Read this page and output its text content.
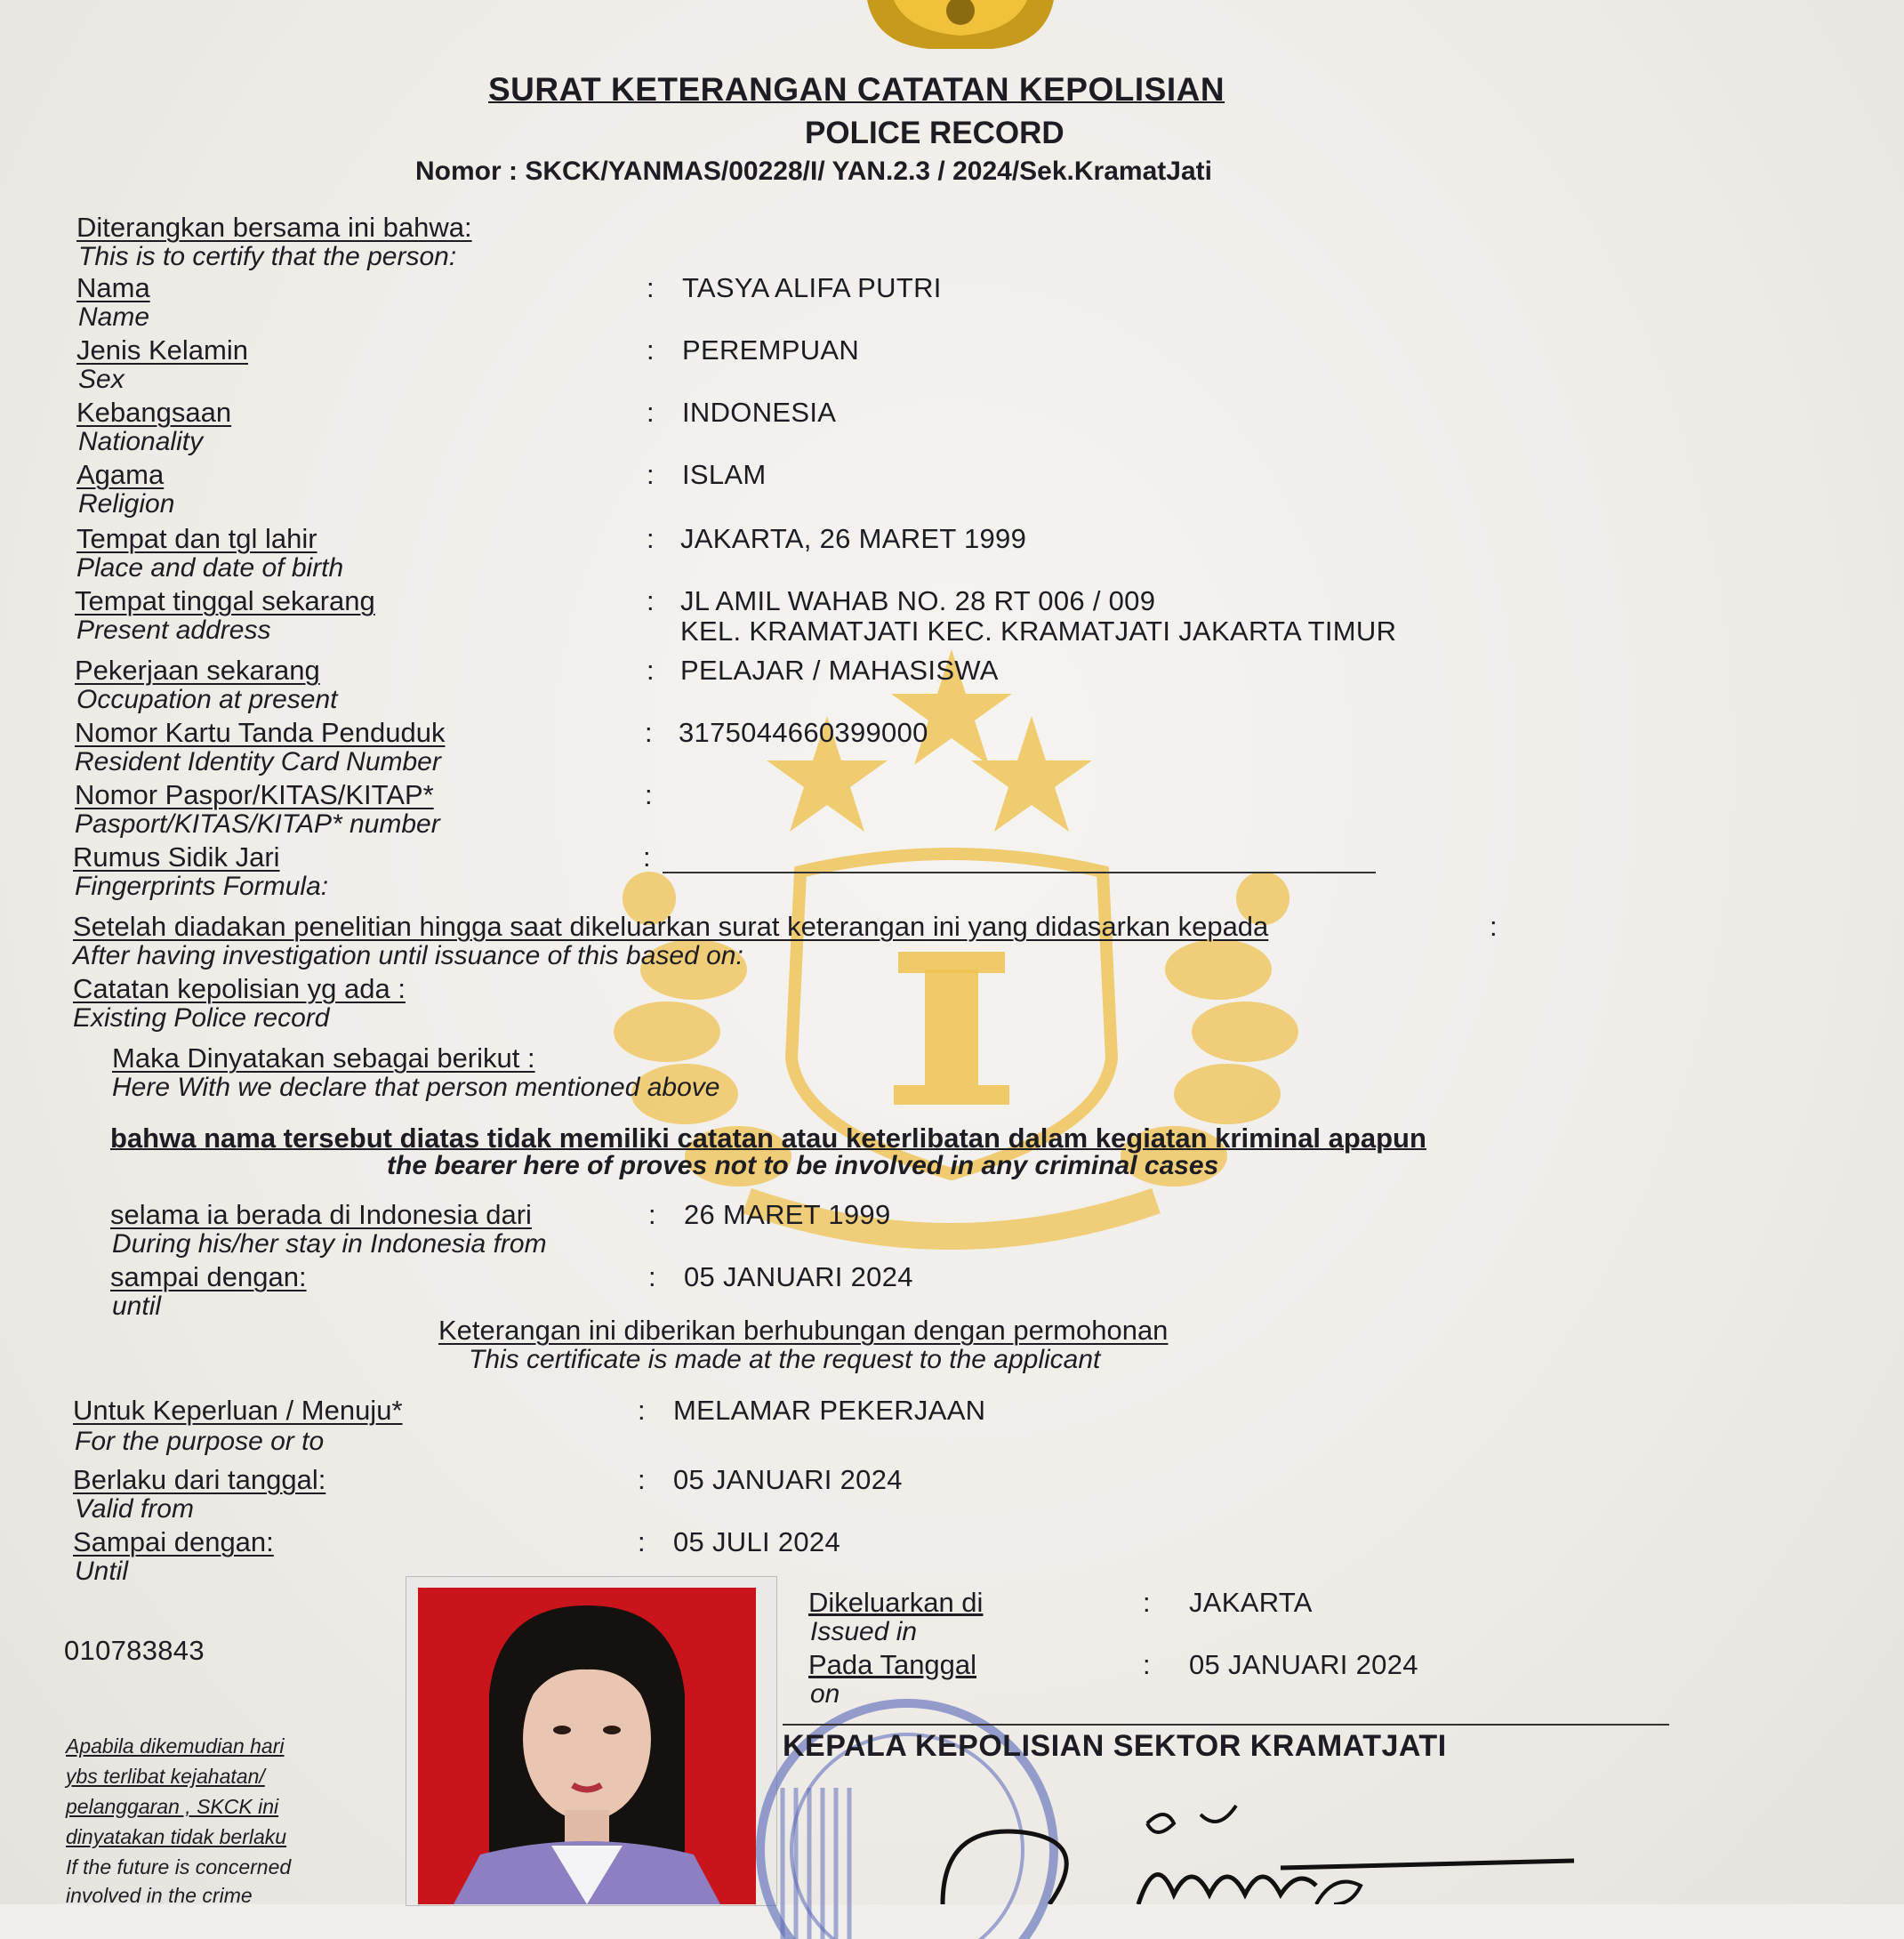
SURAT KETERANGAN CATATAN KEPOLISIAN
POLICE RECORD
Nomor : SKCK/YANMAS/00228/I/ YAN.2.3 / 2024/Sek.KramatJati
Diterangkan bersama ini bahwa:
This is to certify that the person:
Nama
Name
: TASYA ALIFA PUTRI
Jenis Kelamin
Sex
: PEREMPUAN
Kebangsaan
Nationality
: INDONESIA
Agama
Religion
: ISLAM
Tempat dan tgl lahir
Place and date of birth
: JAKARTA, 26 MARET 1999
Tempat tinggal sekarang
Present address
: JL AMIL WAHAB NO. 28 RT 006 / 009
KEL. KRAMATJATI KEC. KRAMATJATI JAKARTA TIMUR
Pekerjaan sekarang
Occupation at present
: PELAJAR / MAHASISWA
Nomor Kartu Tanda Penduduk
Resident Identity Card Number
: 3175044660399000
Nomor Paspor/KITAS/KITAP*
Pasport/KITAS/KITAP* number
:
Rumus Sidik Jari
Fingerprints Formula:
:
Setelah diadakan penelitian hingga saat dikeluarkan surat keterangan ini yang didasarkan kepada	:
After having investigation until issuance of this based on:
Catatan kepolisian yg ada :
Existing Police record
Maka Dinyatakan sebagai berikut :
Here With we declare that person mentioned above
bahwa nama tersebut diatas tidak memiliki catatan atau keterlibatan dalam kegiatan kriminal apapun
the bearer here of proves not to be involved in any criminal cases
selama ia berada di Indonesia dari
During his/her stay in Indonesia from
: 26 MARET 1999
sampai dengan:
until
: 05 JANUARI 2024
Keterangan ini diberikan berhubungan dengan permohonan
This certificate is made at the request to the applicant
Untuk Keperluan / Menuju*
For the purpose or to
: MELAMAR PEKERJAAN
Berlaku dari tanggal:
Valid from
: 05 JANUARI 2024
Sampai dengan:
Until
: 05 JULI 2024
010783843
Apabila dikemudian hari
ybs terlibat kejahatan/
pelanggaran , SKCK ini
dinyatakan tidak berlaku
If the future is concerned
involved in the crime
Dikeluarkan di
Issued in
: JAKARTA
Pada Tanggal
on
: 05 JANUARI 2024
KEPALA KEPOLISIAN SEKTOR KRAMATJATI
